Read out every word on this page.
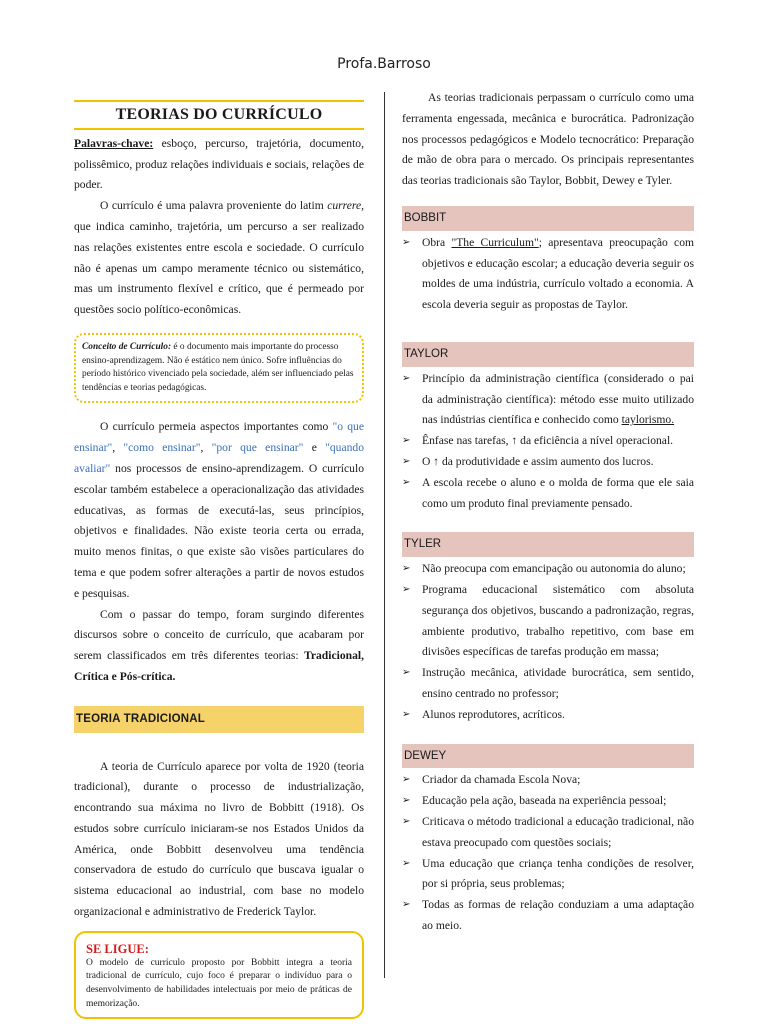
Profa.Barroso
TEORIAS DO CURRÍCULO

Palavras-chave: esboço, percurso, trajetória, documento, polissêmico, produz relações individuais e sociais, relações de poder.

O currículo é uma palavra proveniente do latim currere, que indica caminho, trajetória, um percurso a ser realizado nas relações existentes entre escola e sociedade. O currículo não é apenas um campo meramente técnico ou sistemático, mas um instrumento flexível e crítico, que é permeado por questões socio político-econômicas.

Conceito de Currículo: é o documento mais importante do processo ensino-aprendizagem. Não é estático nem único. Sofre influências do período histórico vivenciado pela sociedade, além ser influenciado pelas tendências e teorias pedagógicas.

O currículo permeia aspectos importantes como "o que ensinar", "como ensinar", "por que ensinar" e "quando avaliar" nos processos de ensino-aprendizagem. O currículo escolar também estabelece a operacionalização das atividades educativas, as formas de executá-las, seus princípios, objetivos e finalidades. Não existe teoria certa ou errada, muito menos finitas, o que existe são visões particulares do tema e que podem sofrer alterações a partir de novos estudos e pesquisas.

Com o passar do tempo, foram surgindo diferentes discursos sobre o conceito de currículo, que acabaram por serem classificados em três diferentes teorias: Tradicional, Crítica e Pós-crítica.

TEORIA TRADICIONAL

A teoria de Currículo aparece por volta de 1920 (teoria tradicional), durante o processo de industrialização, encontrando sua máxima no livro de Bobbitt (1918). Os estudos sobre currículo iniciaram-se nos Estados Unidos da América, onde Bobbitt desenvolveu uma tendência conservadora de estudo do currículo que buscava igualar o sistema educacional ao industrial, com base no modelo organizacional e administrativo de Frederick Taylor.

SE LIGUE:

O modelo de currículo proposto por Bobbitt integra a teoria tradicional de currículo, cujo foco é preparar o indivíduo para o desenvolvimento de habilidades intelectuais por meio de práticas de memorização.

As teorias tradicionais perpassam o currículo como uma ferramenta engessada, mecânica e burocrática. Padronização nos processos pedagógicos e Modelo tecnocrático: Preparação de mão de obra para o mercado. Os principais representantes das teorias tradicionais são Taylor, Bobbit, Dewey e Tyler.

BOBBIT
➢ Obra "The Curriculum"; apresentava preocupação com objetivos e educação escolar; a educação deveria seguir os moldes de uma indústria, currículo voltado a economia. A escola deveria seguir as propostas de Taylor.
TAYLOR
➢ Princípio da administração científica (considerado o pai da administração científica): método esse muito utilizado nas indústrias científica e conhecido como taylorismo.
➢ Ênfase nas tarefas, ↑ da eficiência a nível operacional.
➢ O ↑ da produtividade e assim aumento dos lucros.
➢ A escola recebe o aluno e o molda de forma que ele saia como um produto final previamente pensado.
TYLER
➢ Não preocupa com emancipação ou autonomia do aluno;
➢ Programa educacional sistemático com absoluta segurança dos objetivos, buscando a padronização, regras, ambiente produtivo, trabalho repetitivo, com base em divisões específicas de tarefas produção em massa;
➢ Instrução mecânica, atividade burocrática, sem sentido, ensino centrado no professor;
➢ Alunos reprodutores, acríticos.
DEWEY
➢ Criador da chamada Escola Nova;
➢ Educação pela ação, baseada na experiência pessoal;
➢ Criticava o método tradicional a educação tradicional, não estava preocupado com questões sociais;
➢ Uma educação que criança tenha condições de resolver, por si própria, seus problemas;
➢ Todas as formas de relação conduziam a uma adaptação ao meio.
